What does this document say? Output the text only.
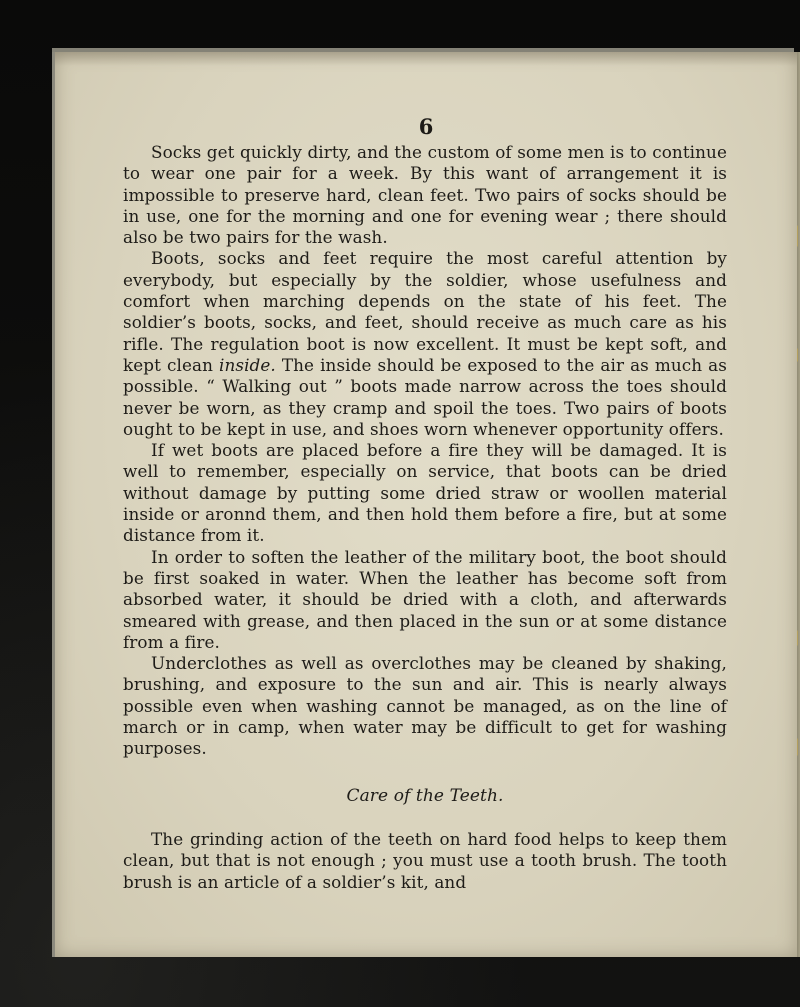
6

Socks get quickly dirty, and the custom of some men is to continue to wear one pair for a week. By this want of arrangement it is impossible to preserve hard, clean feet. Two pairs of socks should be in use, one for the morning and one for evening wear ; there should also be two pairs for the wash.

Boots, socks and feet require the most careful attention by everybody, but especially by the soldier, whose usefulness and comfort when marching depends on the state of his feet. The soldier’s boots, socks, and feet, should receive as much care as his rifle. The regulation boot is now excellent. It must be kept soft, and kept clean inside. The inside should be exposed to the air as much as possible. “ Walking out ” boots made narrow across the toes should never be worn, as they cramp and spoil the toes. Two pairs of boots ought to be kept in use, and shoes worn whenever opportunity offers.

If wet boots are placed before a fire they will be damaged. It is well to remember, especially on service, that boots can be dried without damage by putting some dried straw or woollen material inside or aronnd them, and then hold them before a fire, but at some distance from it.

In order to soften the leather of the military boot, the boot should be first soaked in water. When the leather has become soft from absorbed water, it should be dried with a cloth, and afterwards smeared with grease, and then placed in the sun or at some distance from a fire.

Underclothes as well as overclothes may be cleaned by shaking, brushing, and exposure to the sun and air. This is nearly always possible even when washing cannot be managed, as on the line of march or in camp, when water may be difficult to get for washing purposes.

Care of the Teeth.

The grinding action of the teeth on hard food helps to keep them clean, but that is not enough ; you must use a tooth brush. The tooth brush is an article of a soldier’s kit, and
